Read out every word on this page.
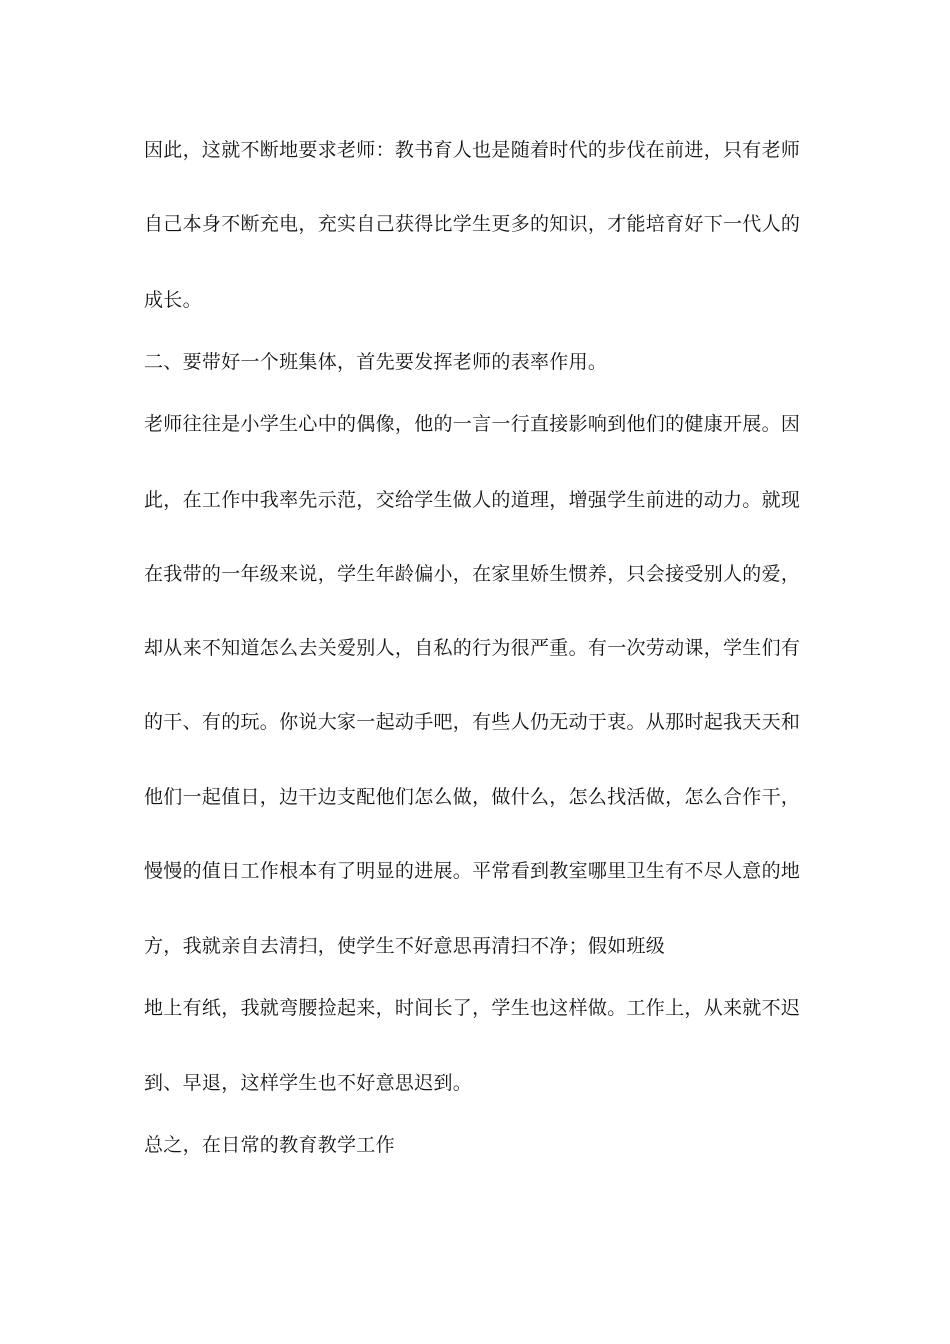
因此，这就不断地要求老师：教书育人也是随着时代的步伐在前进，只有老师
自己本身不断充电，充实自己获得比学生更多的知识，才能培育好下一代人的
成长。
二、要带好一个班集体，首先要发挥老师的表率作用。
老师往往是小学生心中的偶像，他的一言一行直接影响到他们的健康开展。因
此，在工作中我率先示范，交给学生做人的道理，增强学生前进的动力。就现
在我带的一年级来说，学生年龄偏小，在家里娇生惯养，只会接受别人的爱，
却从来不知道怎么去关爱别人，自私的行为很严重。有一次劳动课，学生们有
的干、有的玩。你说大家一起动手吧，有些人仍无动于衷。从那时起我天天和
他们一起值日，边干边支配他们怎么做，做什么，怎么找活做，怎么合作干，
慢慢的值日工作根本有了明显的进展。平常看到教室哪里卫生有不尽人意的地
方，我就亲自去清扫，使学生不好意思再清扫不净；假如班级
地上有纸，我就弯腰捡起来，时间长了，学生也这样做。工作上，从来就不迟
到、早退，这样学生也不好意思迟到。
总之，在日常的教育教学工作
